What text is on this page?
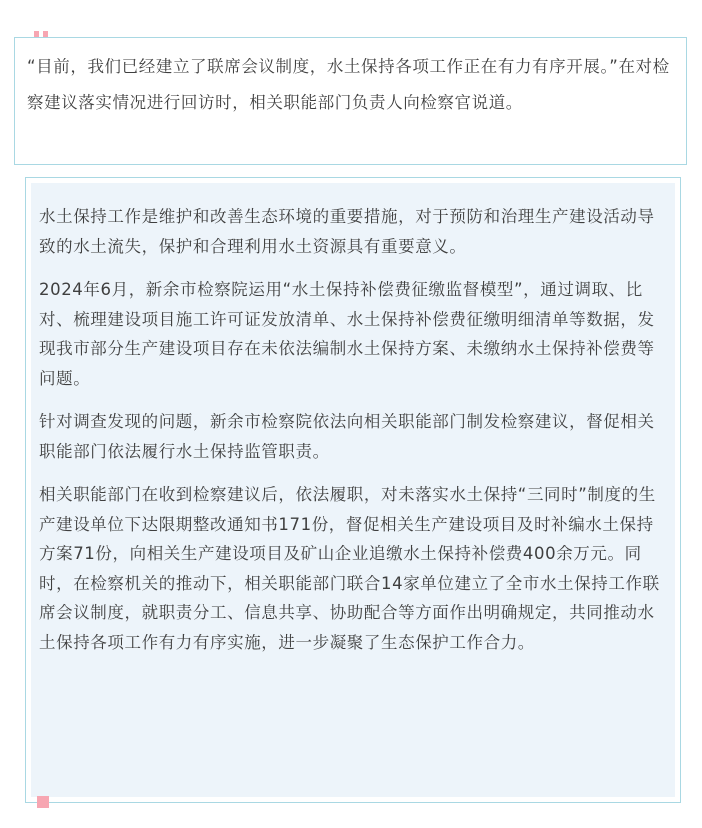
“目前，我们已经建立了联席会议制度，水土保持各项工作正在有力有序开展。”在对检察建议落实情况进行回访时，相关职能部门负责人向检察官说道。

水土保持工作是维护和改善生态环境的重要措施，对于预防和治理生产建设活动导致的水土流失，保护和合理利用水土资源具有重要意义。

2024年6月，新余市检察院运用“水土保持补偿费征缴监督模型”，通过调取、比对、梳理建设项目施工许可证发放清单、水土保持补偿费征缴明细清单等数据，发现我市部分生产建设项目存在未依法编制水土保持方案、未缴纳水土保持补偿费等问题。

针对调查发现的问题，新余市检察院依法向相关职能部门制发检察建议，督促相关职能部门依法履行水土保持监管职责。

相关职能部门在收到检察建议后，依法履职，对未落实水土保持“三同时”制度的生产建设单位下达限期整改通知书171份，督促相关生产建设项目及时补编水土保持方案71份，向相关生产建设项目及矿山企业追缴水土保持补偿费400余万元。同时，在检察机关的推动下，相关职能部门联合14家单位建立了全市水土保持工作联席会议制度，就职责分工、信息共享、协助配合等方面作出明确规定，共同推动水土保持各项工作有力有序实施，进一步凝聚了生态保护工作合力。
